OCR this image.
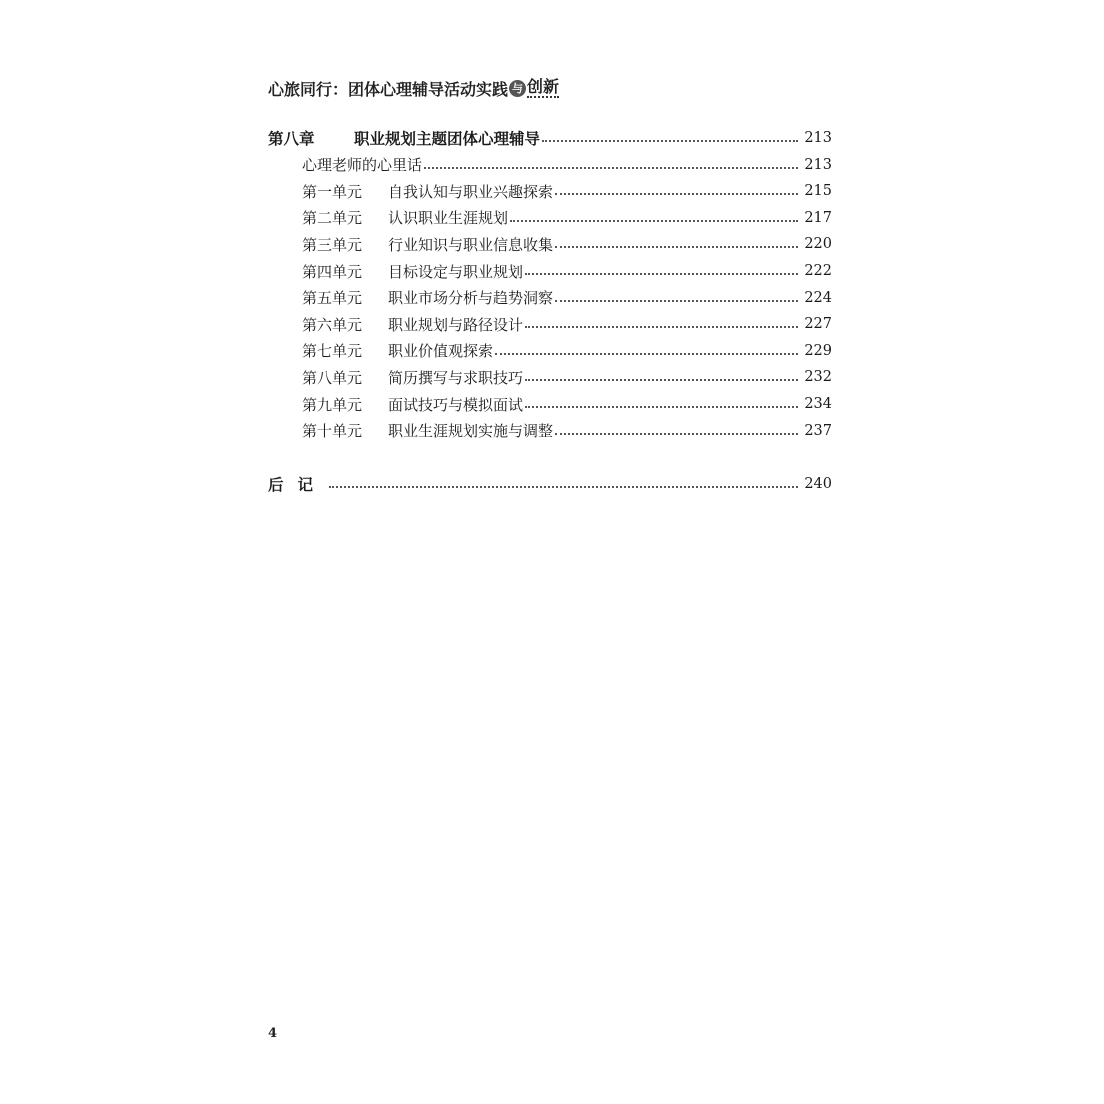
心旅同行：团体心理辅导活动实践 与 创新
第八章	职业规划主题团体心理辅导	213
心理老师的心里话	213
第一单元	自我认知与职业兴趣探索	215
第二单元	认识职业生涯规划	217
第三单元	行业知识与职业信息收集	220
第四单元	目标设定与职业规划	222
第五单元	职业市场分析与趋势洞察	224
第六单元	职业规划与路径设计	227
第七单元	职业价值观探索	229
第八单元	简历撰写与求职技巧	232
第九单元	面试技巧与模拟面试	234
第十单元	职业生涯规划实施与调整	237
后记	240
4
